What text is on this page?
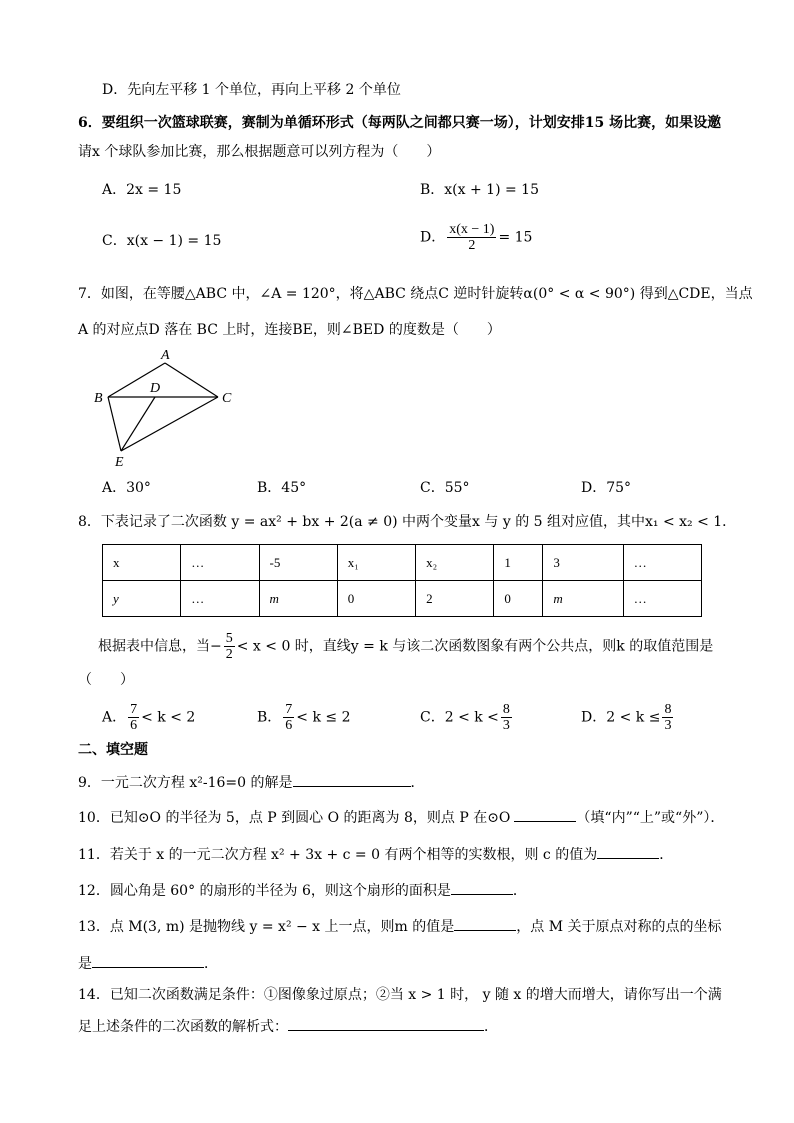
D．先向左平移 1 个单位，再向上平移 2 个单位
6．要组织一次篮球联赛，赛制为单循环形式（每两队之间都只赛一场），计划安排15 场比赛，如果设邀
请x 个球队参加比赛，那么根据题意可以列方程为（　　）
A．2x = 15	B．x(x + 1) = 15
C．x(x − 1) = 15	D． $\frac{x(x - 1)}{2} = 15$
7．如图，在等腰△ABC 中，∠A = 120°，将△ABC 绕点C 逆时针旋转α(0° < α < 90°) 得到△CDE，当点
A 的对应点D 落在 BC 上时，连接BE，则∠BED 的度数是（　　）
A
B	C
D
E
A．30°	B．45°	C．55°	D．75°
8．下表记录了二次函数 y = ax² + bx + 2(a ≠ 0) 中两个变量x 与 y 的 5 组对应值，其中x₁ < x₂ < 1．
x	…	-5	x₁	x₂	1	3	…
y	…	m	0	2	0	m	…
根据表中信息，当− $\frac{5}{2} < x < 0$ 时，直线y = k 与该二次函数图象有两个公共点，则k 的取值范围是
（　　）
A． $\frac{7}{6} < k < 2$	B． $\frac{7}{6} < k \le 2$	C．$2 < k < \frac{8}{3}$	D．$2 < k \le \frac{8}{3}$
二、填空题
9．一元二次方程 x²-16=0 的解是	．
10．已知⊙O 的半径为 5，点 P 到圆心 O 的距离为 8，则点 P 在⊙O	（填“内”“上”或“外”）．
11．若关于 x 的一元二次方程 x² + 3x + c = 0 有两个相等的实数根，则 c 的值为	．
12．圆心角是 60° 的扇形的半径为 6，则这个扇形的面积是	．
13．点 M(3, m) 是抛物线 y = x² − x 上一点，则m 的值是	，点 M 关于原点对称的点的坐标
是	．
14．已知二次函数满足条件：①图像象过原点；②当 x > 1 时， y 随 x 的增大而增大，请你写出一个满
足上述条件的二次函数的解析式：	．
